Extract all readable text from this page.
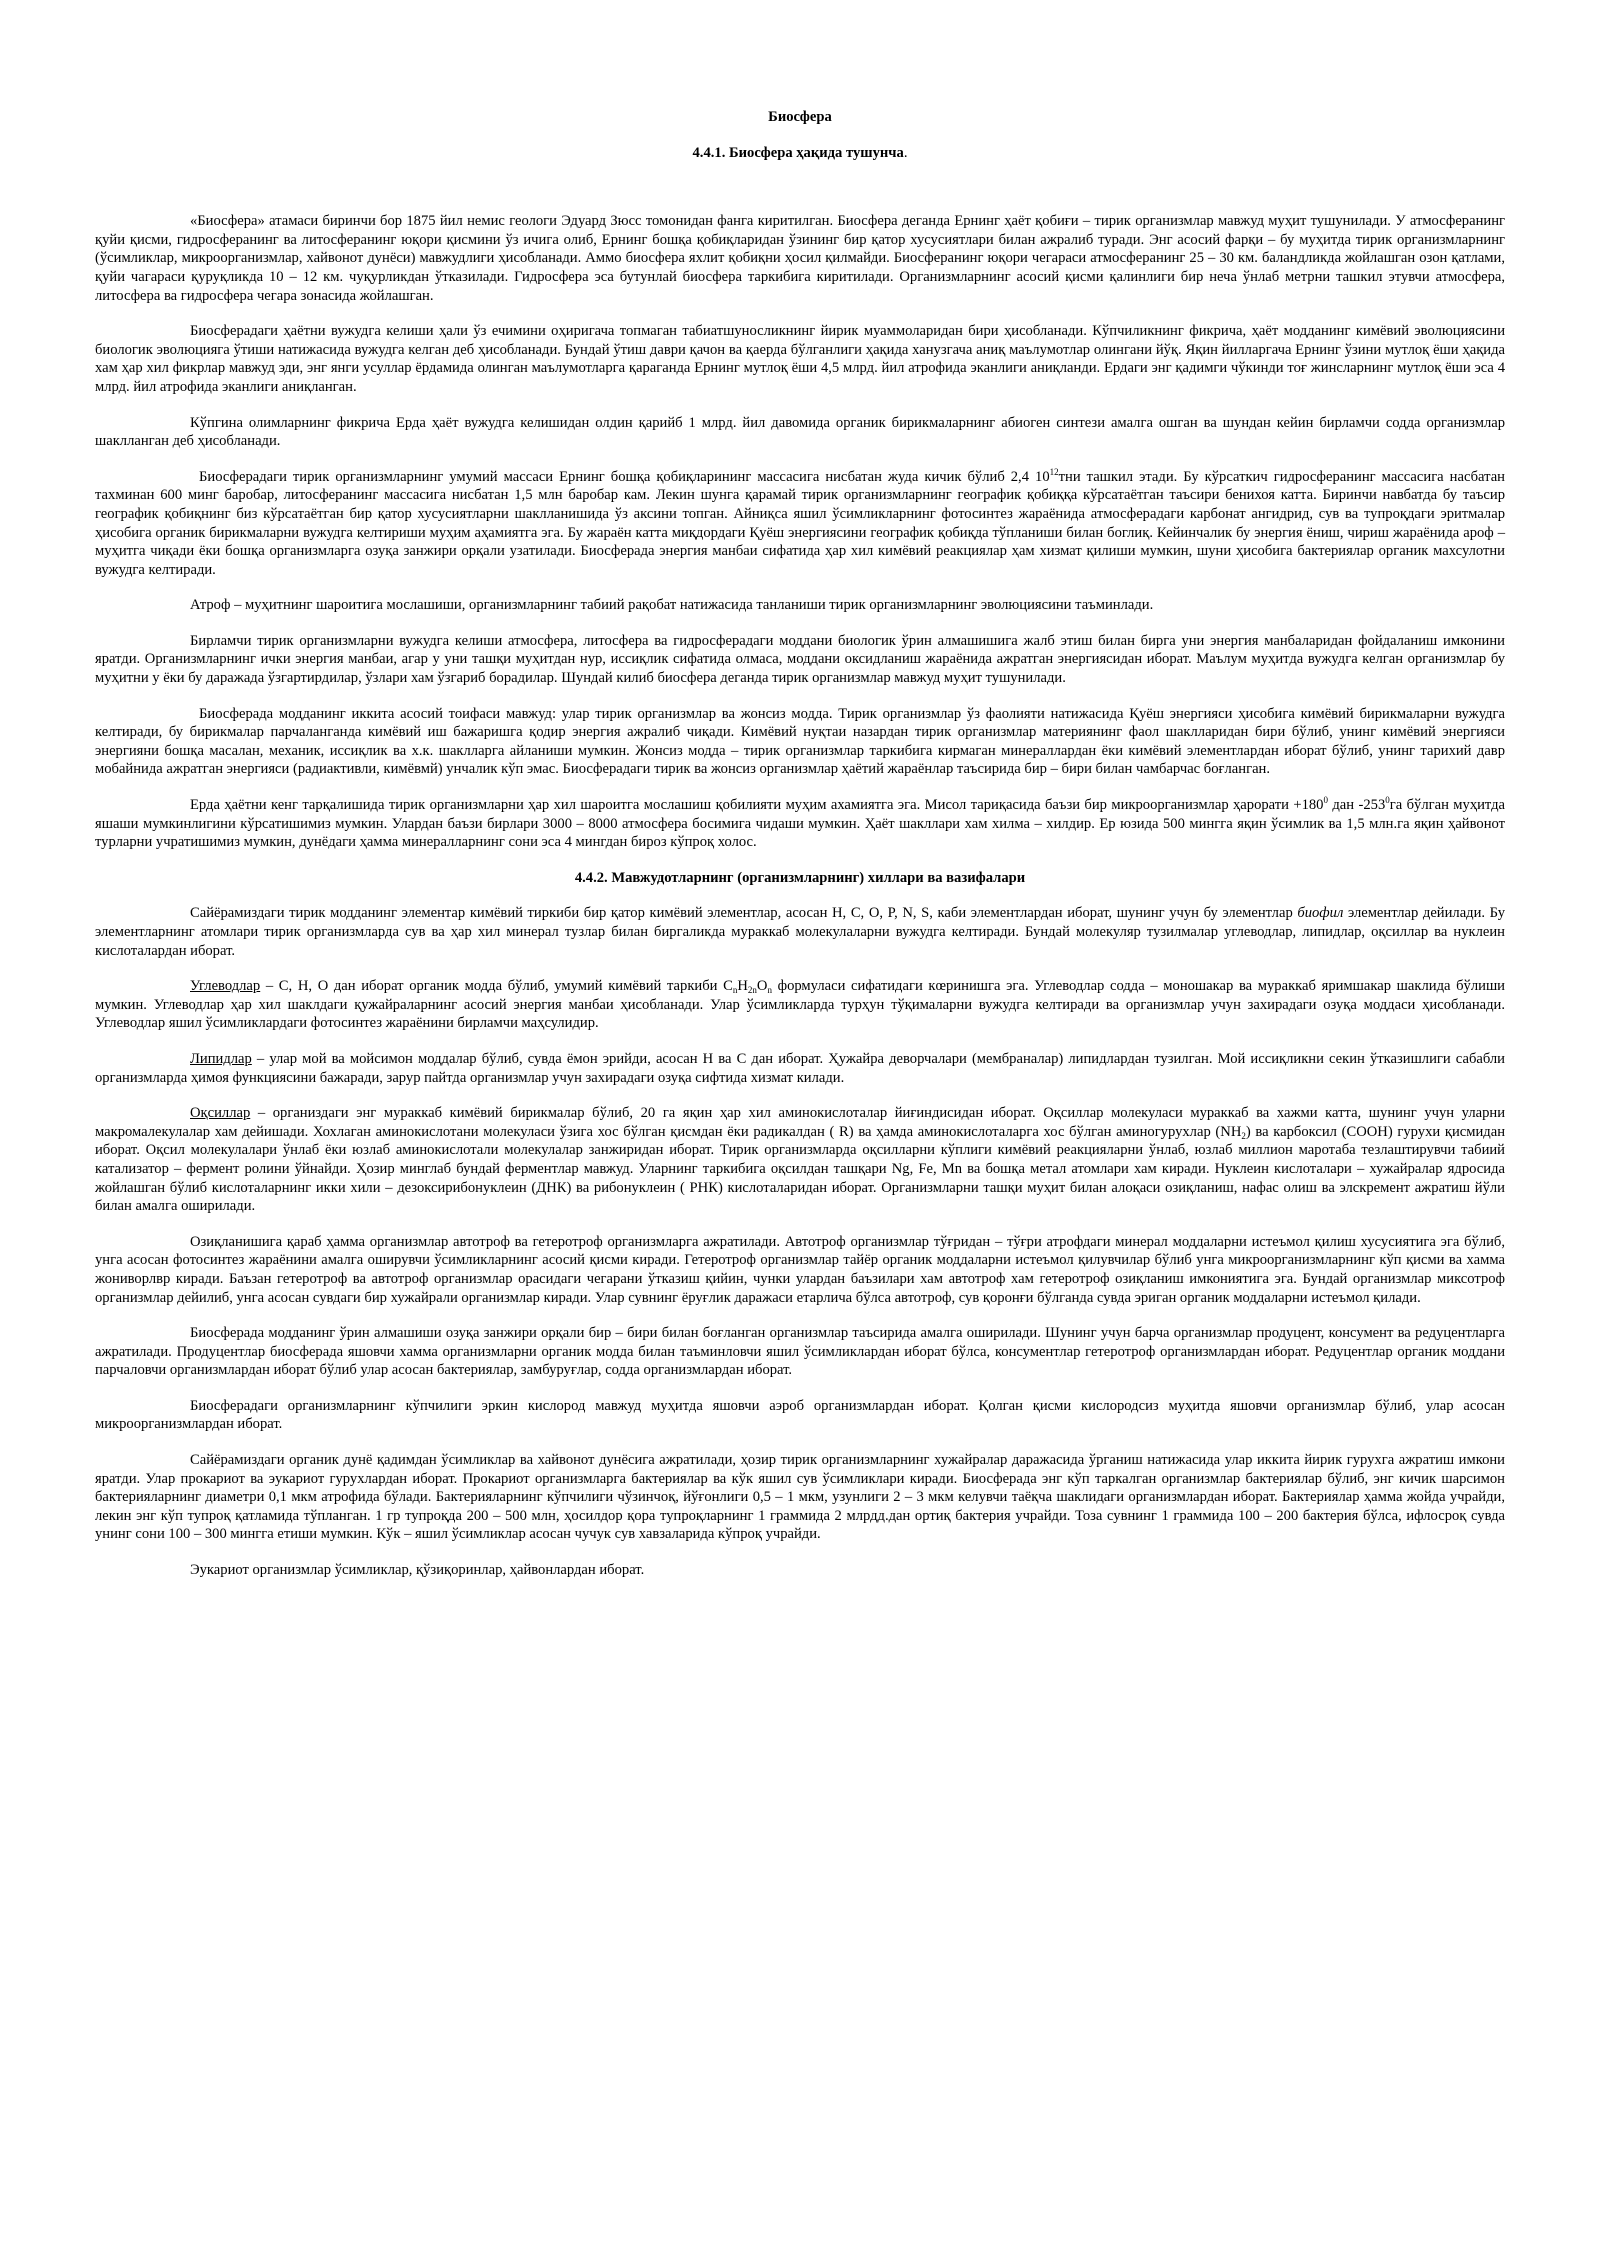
Биосфера
4.4.1. Биосфера ҳақида тушунча.

«Биосфера» атамаси биринчи бор 1875 йил немис геологи Эдуард Зюсс томонидан фанга киритилган. Биосфера деганда Ернинг ҳаёт қобиғи – тирик организмлар мавжуд муҳит тушунилади. У атмосферанинг қуйи қисми, гидросферанинг ва литосферанинг юқори қисмини ўз ичига олиб, Ернинг бошқа қобиқларидан ўзининг бир қатор хусусиятлари билан ажралиб туради. Энг асосий фарқи – бу муҳитда тирик организмларнинг (ўсимликлар, микроорганизмлар, хайвонот дунёси) мавжудлиги ҳисобланади. Аммо биосфера яхлит қобиқни ҳосил қилмайди. Биосферанинг юқори чегараси атмосферанинг 25 – 30 км. баландликда жойлашган озон қатлами, қуйи чагараси қуруқликда 10 – 12 км. чуқурликдан ўтказилади. Гидросфера эса бутунлай биосфера таркибига киритилади. Организмларнинг асосий қисми қалинлиги бир неча ўнлаб метрни ташкил этувчи атмосфера, литосфера ва гидросфера чегара зонасида жойлашган.

Биосферадаги ҳаётни вужудга келиши ҳали ўз ечимини оҳиригача топмаган табиатшуносликнинг йирик муаммоларидан бири ҳисобланади. Кўпчиликнинг фикрича, ҳаёт модданинг кимёвий эволюциясини биологик эволюцияга ўтиши натижасида вужудга келган деб ҳисобланади. Бундай ўтиш даври қачон ва қаерда бўлганлиги ҳақида ханузгача аниқ маълумотлар олингани йўқ. Яқин йилларгача Ернинг ўзини мутлоқ ёши ҳақида хам ҳар хил фикрлар мавжуд эди, энг янги усуллар ёрдамида олинган маълумотларга қараганда Ернинг мутлоқ ёши 4,5 млрд. йил атрофида эканлиги аниқланди. Ердаги энг қадимги чўкинди тоғ жинсларнинг мутлоқ ёши эса 4 млрд. йил атрофида эканлиги аниқланган.

Кўпгина олимларнинг фикрича Ерда ҳаёт вужудга келишидан олдин қарийб 1 млрд. йил давомида органик бирикмаларнинг абиоген синтези амалга ошган ва шундан кейин бирламчи содда организмлар шаклланган деб ҳисобланади.

Биосферадаги тирик организмларнинг умумий массаси Ернинг бошқа қобиқларининг массасига нисбатан жуда кичик бўлиб 2,4 $10^{12}тни$ ташкил этади. Бу кўрсаткич гидросферанинг массасига насбатан тахминан 600 минг баробар, литосферанинг массасига нисбатан 1,5 млн баробар кам. Лекин шунга қарамай тирик организмларнинг географик қобиққа кўрсатаётган таъсири бенихоя катта. Биринчи навбатда бу таъсир географик қобиқнинг биз кўрсатаётган бир қатор хусусиятларни шаклланишида ўз аксини топган. Айниқса яшил ўсимликларнинг фотосинтез жараёнида атмосферадаги карбонат ангидрид, сув ва тупроқдаги эритмалар ҳисобига органик бирикмаларни вужудга келтириши муҳим аҳамиятга эга. Бу жараён катта миқдордаги Қуёш энергиясини географик қобиқда тўпланиши билан боглиқ. Кейинчалик бу энергия ёниш, чириш жараёнида ароф – муҳитга чиқади ёки бошқа организмларга озуқа занжири орқали узатилади. Биосферада энергия манбаи сифатида ҳар хил кимёвий реакциялар ҳам хизмат қилиши мумкин, шуни ҳисобига бактериялар органик махсулотни вужудга келтиради.

Атроф – муҳитнинг шароитига мослашиши, организмларнинг табиий рақобат натижасида танланиши тирик организмларнинг эволюциясини таъминлади.

Бирламчи тирик организмларни вужудга келиши атмосфера, литосфера ва гидросферадаги моддани биологик ўрин алмашишига жалб этиш билан бирга уни энергия манбаларидан фойдаланиш имконини яратди. Организмларнинг ички энергия манбаи, агар у уни ташқи муҳитдан нур, иссиқлик сифатида олмаса, моддани оксидланиш жараёнида ажратган энергиясидан иборат. Маълум муҳитда вужудга келган организмлар бу муҳитни у ёки бу даражада ўзгартирдилар, ўзлари хам ўзгариб борадилар. Шундай килиб биосфера деганда тирик организмлар мавжуд муҳит тушунилади.

Биосферада модданинг иккита асосий тоифаси мавжуд: улар тирик организмлар ва жонсиз модда. Тирик организмлар ўз фаолияти натижасида Қуёш энергияси ҳисобига кимёвий бирикмаларни вужудга келтиради, бу бирикмалар парчаланганда кимёвий иш бажаришга қодир энергия ажралиб чиқади. Кимёвий нуқтаи назардан тирик организмлар материянинг фаол шаклларидан бири бўлиб, унинг кимёвий энергияси энергияни бошқа масалан, механик, иссиқлик ва х.к. шаклларга айланиши мумкин. Жонсиз модда – тирик организмлар таркибига кирмаган минераллардан ёки кимёвий элементлардан иборат бўлиб, унинг тарихий давр мобайнида ажратган энергияси (радиактивли, кимёвмй) унчалик кўп эмас. Биосферадаги тирик ва жонсиз организмлар ҳаётий жараёнлар таъсирида бир – бири билан чамбарчас боғланган.

Ерда ҳаётни кенг тарқалишида тирик организмларни ҳар хил шароитга мослашиш қобилияти муҳим ахамиятга эга. Мисол тариқасида баъзи бир микроорганизмлар ҳарорати $+180^0$ дан $-253^0га$ бўлган муҳитда яшаши мумкинлигини кўрсатишимиз мумкин. Улардан баъзи бирлари 3000 – 8000 атмосфера босимига чидаши мумкин. Ҳаёт шакллари хам хилма – хилдир. Ер юзида 500 мингга яқин ўсимлик ва 1,5 млн.га яқин ҳайвонот турларни учратишимиз мумкин, дунёдаги ҳамма минералларнинг сони эса 4 мингдан бироз кўпроқ холос.

4.4.2. Мавжудотларнинг (организмларнинг) хиллари ва вазифалари

Сайёрамиздаги тирик модданинг элементар кимёвий тиркиби бир қатор кимёвий элементлар, асосан H, C, O, P, N, S, каби элементлардан иборат, шунинг учун бу элементлар биофил элементлар дейилади. Бу элементларнинг атомлари тирик организмларда сув ва ҳар хил минерал тузлар билан биргаликда мураккаб молекулаларни вужудга келтиради. Бундай молекуляр тузилмалар углеводлар, липидлар, оқсиллар ва нуклеин кислоталардан иборат.

Углеводлар – C, H, O дан иборат органик модда бўлиб, умумий кимёвий таркиби $C_nH_{2n}O_n$ формуласи сифатидаги кœринишга эга. Углеводлар содда – моношакар ва мураккаб яримшакар шаклида бўлиши мумкин. Углеводлар ҳар хил шаклдаги қужайраларнинг асосий энергия манбаи ҳисобланади. Улар ўсимликларда турҳун тўқималарни вужудга келтиради ва организмлар учун захирадаги озуқа моддаси ҳисобланади. Углеводлар яшил ўсимликлардаги фотосинтез жараёнини бирламчи маҳсулидир.

Липидлар – улар мой ва мойсимон моддалар бўлиб, сувда ёмон эрийди, асосан H ва C дан иборат. Ҳужайра деворчалари (мембраналар) липидлардан тузилган. Мой иссиқликни секин ўтказишлиги сабабли организмларда ҳимоя функциясини бажаради, заруp пайтда организмлар учун захирадаги озуқа сифтида хизмат килади.

Оқсиллар – организдаги энг мураккаб кимёвий бирикмалар бўлиб, 20 га яқин ҳар хил аминокислоталар йиғиндисидан иборат. Оқсиллар молекуласи мураккаб ва хажми катта, шунинг учун уларни макромалекулалар хам дейишади. Хохлаган аминокислотани молекуласи ўзига хос бўлган қисмдан ёки радикалдан ( R) ва ҳамда аминокислоталарга хос бўлган аминогурухлар $(NH_2)$ ва карбоксил (COOH) гурухи қисмидан иборат. Оқсил молекулалари ўнлаб ёки юзлаб аминокислотали молекулалар занжиридан иборат. Тирик организмларда оқсилларни кўплиги кимёвий реакцияларни ўнлаб, юзлаб миллион маротаба тезлаштирувчи табиий катализатор – фермент ролини ўйнайди. Ҳозир минглаб бундай ферментлар мавжуд. Уларнинг таркибига оқсилдан ташқари Ng, Fe, Mn ва бошқа метал атомлари хам киради. Нуклеин кислоталари – хужайралар ядросида жойлашган бўлиб кислоталарнинг икки хили – дезоксирибонуклеин (ДНК) ва рибонуклеин ( РНК) кислоталаридан иборат. Организмларни ташқи муҳит билан алоқаси озиқланиш, нафас олиш ва элскремент ажратиш йўли билан амалга оширилади.

Озиқланишига қараб ҳамма организмлар автотроф ва гетеротроф организмларга ажратилади. Автотроф организмлар тўғридан – тўғри атрофдаги минерал моддаларни истеъмол қилиш хусусиятига эга бўлиб, унга асосан фотосинтез жараёнини амалга оширувчи ўсимликларнинг асосий қисми киради. Гетеротроф организмлар тайёр органик моддаларни истеъмол қилувчилар бўлиб унга микроорганизмларнинг кўп қисми ва хамма жониворлвр киради. Баъзан гетеротроф ва автотроф организмлар орасидаги чегарани ўтказиш қийин, чунки улардан баъзилари хам автотроф хам гетеротроф озиқланиш имкониятига эга. Бундай организмлар миксотроф организмлар дейилиб, унга асосан сувдаги бир хужайрали организмлар киради. Улар сувнинг ёруғлик даражаси етарлича бўлса автотроф, сув қоронғи бўлганда сувда эриган органик моддаларни истеъмол қилади.

Биосферада модданинг ўрин алмашиши озуқа занжири орқали бир – бири билан боғланган организмлар таъсирида амалга оширилади. Шунинг учун барча организмлар продуцент, консумент ва редуцентларга ажратилади. Продуцентлар биосферада яшовчи хамма организмларни органик модда билан таъминловчи яшил ўсимликлардан иборат бўлса, консументлар гетеротроф организмлардан иборат. Редуцентлар органик моддани парчаловчи организмлардан иборат бўлиб улар асосан бактериялар, замбуруғлар, содда организмлардан иборат.

Биосферадаги организмларнинг кўпчилиги эркин кислород мавжуд муҳитда яшовчи аэроб организмлардан иборат. Қолган қисми кислородсиз муҳитда яшовчи организмлар бўлиб, улар асосан микроорганизмлардан иборат.

Сайёрамиздаги органик дунё қадимдан ўсимликлар ва хайвонот дунёсига ажратилади, ҳозир тирик организмларнинг хужайралар даражасида ўрганиш натижасида улар иккита йирик гурухга ажратиш имкони яратди. Улар прокариот ва эукариот гурухлардан иборат. Прокариот организмларга бактериялар ва кўк яшил сув ўсимликлари киради. Биосферада энг кўп таркалган организмлар бактериялар бўлиб, энг кичик шарсимон бактерияларнинг диаметри 0,1 мкм атрофида бўлади. Бактерияларнинг кўпчилиги чўзинчоқ, йўғонлиги 0,5 – 1 мкм, узунлиги 2 – 3 мкм келувчи таёқча шаклидаги организмлардан иборат. Бактериялар ҳамма жойда учрайди, лекин энг кўп тупроқ қатламида тўпланган. 1 гр тупроқда 200 – 500 млн, ҳосилдор қора тупроқларнинг 1 граммида 2 млрдд.дан ортиқ бактерия учрайди. Тоза сувнинг 1 граммида 100 – 200 бактерия бўлса, ифлосроқ сувда унинг сони 100 – 300 мингга етиши мумкин. Кўк – яшил ўсимликлар асосан чучук сув хавзаларида кўпроқ учрайди.

Эукариот организмлар ўсимликлар, қўзиқоринлар, ҳайвонлардан иборат.
